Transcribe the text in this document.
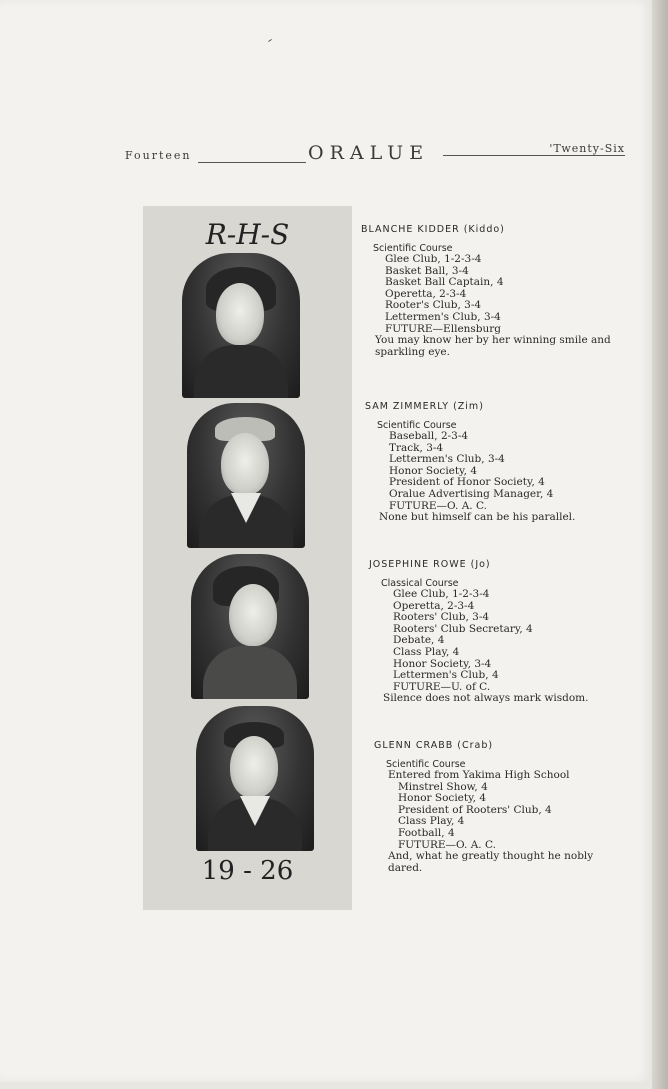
Fourteen	ORALUE	'Twenty-Six
R-H-S
19 - 26

BLANCHE KIDDER (Kiddo)

Scientific Course

Glee Club, 1-2-3-4
Basket Ball, 3-4
Basket Ball Captain, 4
Operetta, 2-3-4
Rooter's Club, 3-4
Lettermen's Club, 3-4
FUTURE—Ellensburg

You may know her by her winning smile and sparkling eye.

SAM ZIMMERLY (Zim)

Scientific Course

Baseball, 2-3-4
Track, 3-4
Lettermen's Club, 3-4
Honor Society, 4
President of Honor Society, 4
Oralue Advertising Manager, 4
FUTURE—O. A. C.

None but himself can be his parallel.

JOSEPHINE ROWE (Jo)

Classical Course

Glee Club, 1-2-3-4
Operetta, 2-3-4
Rooters' Club, 3-4
Rooters' Club Secretary, 4
Debate, 4
Class Play, 4
Honor Society, 3-4
Lettermen's Club, 4
FUTURE—U. of C.

Silence does not always mark wisdom.

GLENN CRABB (Crab)

Scientific Course

Entered from Yakima High School
Minstrel Show, 4
Honor Society, 4
President of Rooters' Club, 4
Class Play, 4
Football, 4
FUTURE—O. A. C.

And, what he greatly thought he nobly dared.
